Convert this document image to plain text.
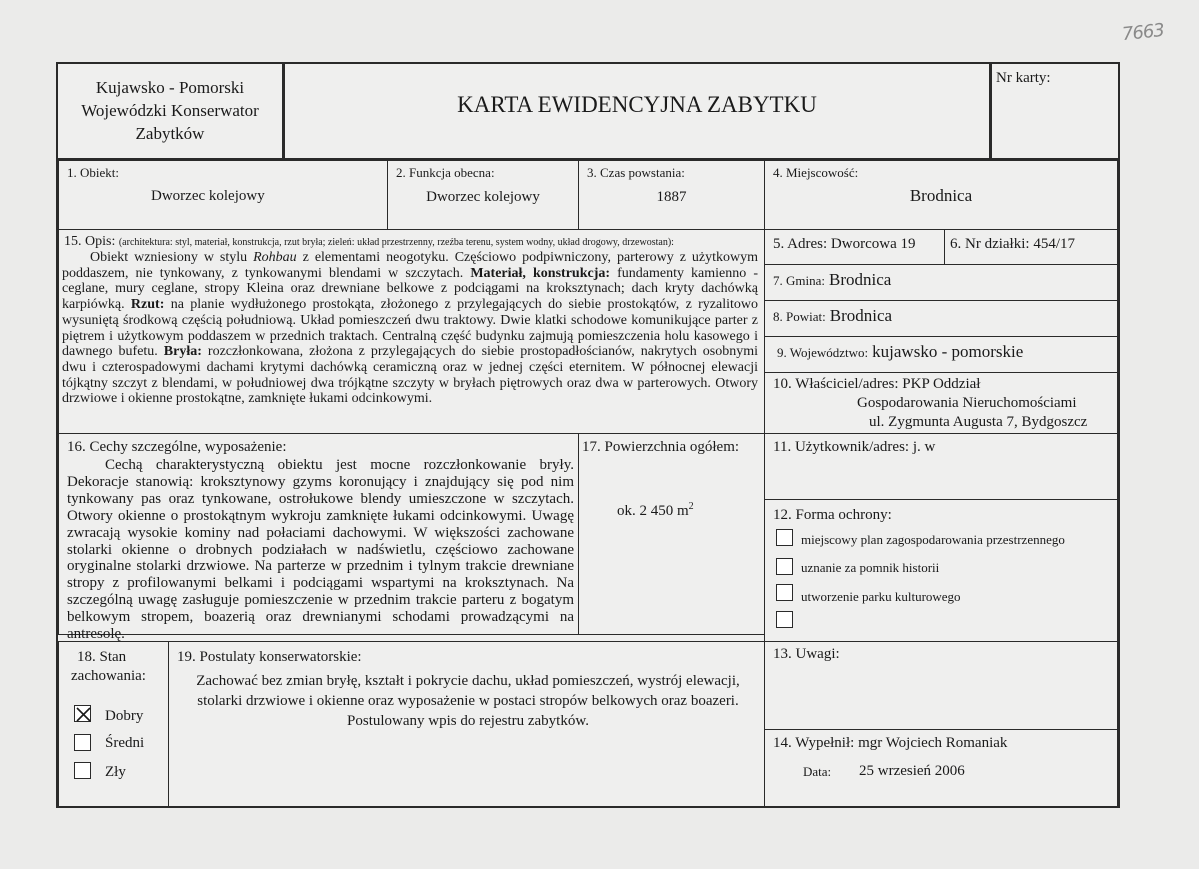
7663
Kujawsko - Pomorski
Wojewódzki Konserwator
Zabytków
KARTA EWIDENCYJNA ZABYTKU
Nr karty:
1. Obiekt:
Dworzec kolejowy
2. Funkcja obecna:
Dworzec kolejowy
3. Czas powstania:
1887
4. Miejscowość:
Brodnica
15. Opis: (architektura: styl, materiał, konstrukcja, rzut bryła; zieleń: układ przestrzenny, rzeźba terenu, system wodny, układ drogowy, drzewostan):
Obiekt wzniesiony w stylu Rohbau z elementami neogotyku. Częściowo podpiwniczony, parterowy z użytkowym poddaszem, nie tynkowany, z tynkowanymi blendami w szczytach. Materiał, konstrukcja: fundamenty kamienno - ceglane, mury ceglane, stropy Kleina oraz drewniane belkowe z podciągami na kroksztynach; dach kryty dachówką karpiówką. Rzut: na planie wydłużonego prostokąta, złożonego z przylegających do siebie prostokątów, z ryzalitowo wysuniętą środkową częścią południową. Układ pomieszczeń dwu traktowy. Dwie klatki schodowe komunikujące parter z piętrem i użytkowym poddaszem w przednich traktach. Centralną część budynku zajmują pomieszczenia holu kasowego i dawnego bufetu. Bryła: rozczłonkowana, złożona z przylegających do siebie prostopadłościanów, nakrytych osobnymi dwu i czterospadowymi dachami krytymi dachówką ceramiczną oraz w jednej części eternitem. W północnej elewacji tójkątny szczyt z blendami, w południowej dwa trójkątne szczyty w bryłach piętrowych oraz dwa w parterowych. Otwory drzwiowe i okienne prostokątne, zamknięte łukami odcinkowymi.
5. Adres: Dworcowa 19 6. Nr działki: 454/17
7. Gmina: Brodnica
8. Powiat: Brodnica
9. Województwo: kujawsko - pomorskie
10. Właściciel/adres: PKP Oddział
Gospodarowania Nieruchomościami
ul. Zygmunta Augusta 7, Bydgoszcz
16. Cechy szczególne, wyposażenie:
Cechą charakterystyczną obiektu jest mocne rozczłonkowanie bryły. Dekoracje stanowią: kroksztynowy gzyms koronujący i znajdujący się pod nim tynkowany pas oraz tynkowane, ostrołukowe blendy umieszczone w szczytach. Otwory okienne o prostokątnym wykroju zamknięte łukami odcinkowymi. Uwagę zwracają wysokie kominy nad połaciami dachowymi. W większości zachowane stolarki okienne o drobnych podziałach w nadświetlu, częściowo zachowane oryginalne stolarki drzwiowe. Na parterze w przednim i tylnym trakcie drewniane stropy z profilowanymi belkami i podciągami wspartymi na kroksztynach. Na szczególną uwagę zasługuje pomieszczenie w przednim trakcie parteru z bogatym belkowym stropem, boazerią oraz drewnianymi schodami prowadzącymi na antresolę.
17. Powierzchnia ogółem:
ok. 2 450 $m^2$
11. Użytkownik/adres: j. w
12. Forma ochrony:
miejscowy plan zagospodarowania przestrzennego
uznanie za pomnik historii
utworzenie parku kulturowego
18. Stan
zachowania:
Dobry
Średni
Zły
19. Postulaty konserwatorskie:
Zachować bez zmian bryłę, kształt i pokrycie dachu, układ pomieszczeń, wystrój elewacji, stolarki drzwiowe i okienne oraz wyposażenie w postaci stropów belkowych oraz boazeri. Postulowany wpis do rejestru zabytków.
13. Uwagi:
14. Wypełnił: mgr Wojciech Romaniak
Data: 25 wrzesień 2006
